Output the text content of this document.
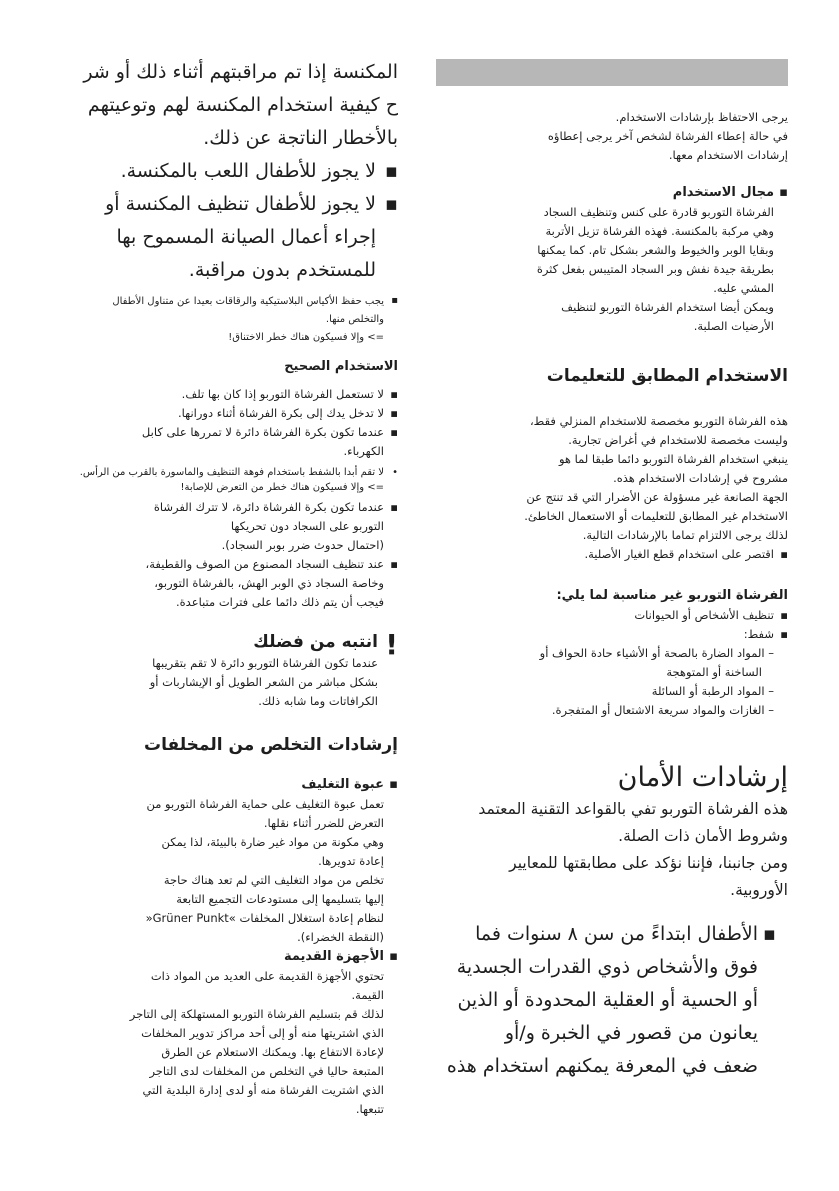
المكنسة إذا تم مراقبتهم أثناء ذلك أو شر

ح كيفية استخدام المكنسة لهم وتوعيتهم

بالأخطار الناتجة عن ذلك.

▪

لا يجوز للأطفال اللعب بالمكنسة.

▪

لا يجوز للأطفال تنظيف المكنسة أو

إجراء أعمال الصيانة المسموح بها

للمستخدم بدون مراقبة.

▪

يجب حفظ الأكياس البلاستيكية والرقاقات بعيدا عن متناول الأطفال

والتخلص منها.

=> وإلا فسيكون هناك خطر الاختناق!

الاستخدام الصحيح

▪

لا تستعمل الفرشاة التوربو إذا كان بها تلف.

▪

لا تدخل يدك إلى بكرة الفرشاة أثناء دورانها.

▪

عندما تكون بكرة الفرشاة دائرة لا تمررها على كابل

الكهرباء.

•

لا تقم أبدا بالشفط باستخدام فوهة التنظيف والماسورة بالقرب من الرأس.

=> وإلا فسيكون هناك خطر من التعرض للإصابة!

▪

عندما تكون بكرة الفرشاة دائرة، لا تترك الفرشاة

التوربو على السجاد دون تحريكها

(احتمال حدوث ضرر بوبر السجاد).

▪

عند تنظيف السجاد المصنوع من الصوف والقطيفة،

وخاصة السجاد ذي الوبر الهش، بالفرشاة التوربو،

فيجب أن يتم ذلك دائما على فترات متباعدة.

!

انتبه من فضلك

عندما تكون الفرشاة التوربو دائرة لا تقم بتقريبها

بشكل مباشر من الشعر الطويل أو الإيشاربات أو

الكرافاتات وما شابه ذلك.

إرشادات التخلص من المخلفات

▪

عبوة التغليف

تعمل عبوة التغليف على حماية الفرشاة التوربو من

التعرض للضرر أثناء نقلها.

وهي مكونة من مواد غير ضارة بالبيئة، لذا يمكن

إعادة تدويرها.

تخلص من مواد التغليف التي لم تعد هناك حاجة

إليها بتسليمها إلى مستودعات التجميع التابعة

لنظام إعادة استغلال المخلفات »Grüner Punkt«

(النقطة الخضراء).

▪

الأجهزة القديمة

تحتوي الأجهزة القديمة على العديد من المواد ذات

القيمة.

لذلك قم بتسليم الفرشاة التوربو المستهلكة إلى التاجر

الذي اشتريتها منه أو إلى أحد مراكز تدوير المخلفات

لإعادة الانتفاع بها. ويمكنك الاستعلام عن الطرق

المتبعة حاليا في التخلص من المخلفات لدى التاجر

الذي اشتريت الفرشاة منه أو لدى إدارة البلدية التي

تتبعها.

يرجى الاحتفاظ بإرشادات الاستخدام.

في حالة إعطاء الفرشاة لشخص آخر يرجى إعطاؤه

إرشادات الاستخدام معها.

▪

مجال الاستخدام

الفرشاة التوربو قادرة على كنس وتنظيف السجاد

وهي مركبة بالمكنسة. فهذه الفرشاة تزيل الأتربة

وبقايا الوبر والخيوط والشعر بشكل تام. كما يمكنها

بطريقة جيدة نفش وبر السجاد المتيبس بفعل كثرة

المشي عليه.

ويمكن أيضا استخدام الفرشاة التوربو لتنظيف

الأرضيات الصلبة.

الاستخدام المطابق للتعليمات

هذه الفرشاة التوربو مخصصة للاستخدام المنزلي فقط،

وليست مخصصة للاستخدام في أغراض تجارية.

ينبغي استخدام الفرشاة التوربو دائما طبقا لما هو

مشروح في إرشادات الاستخدام هذه.

الجهة الصانعة غير مسؤولة عن الأضرار التي قد تنتج عن

الاستخدام غير المطابق للتعليمات أو الاستعمال الخاطئ.

لذلك يرجى الالتزام تماما بالإرشادات التالية.

▪

اقتصر على استخدام قطع الغيار الأصلية.

الفرشاة التوربو غير مناسبة لما يلي:

▪

تنظيف الأشخاص أو الحيوانات

▪

شفط:

– المواد الضارة بالصحة أو الأشياء حادة الحواف أو

الساخنة أو المتوهجة

– المواد الرطبة أو السائلة

– الغازات والمواد سريعة الاشتعال أو المتفجرة.

إرشادات الأمان

هذه الفرشاة التوربو تفي بالقواعد التقنية المعتمد

وشروط الأمان ذات الصلة.

ومن جانبنا، فإننا نؤكد على مطابقتها للمعايير

الأوروبية.

▪

الأطفال ابتداءً من سن ٨ سنوات فما

فوق والأشخاص ذوي القدرات الجسدية

أو الحسية أو العقلية المحدودة أو الذين

يعانون من قصور في الخبرة و/أو

ضعف في المعرفة يمكنهم استخدام هذه
